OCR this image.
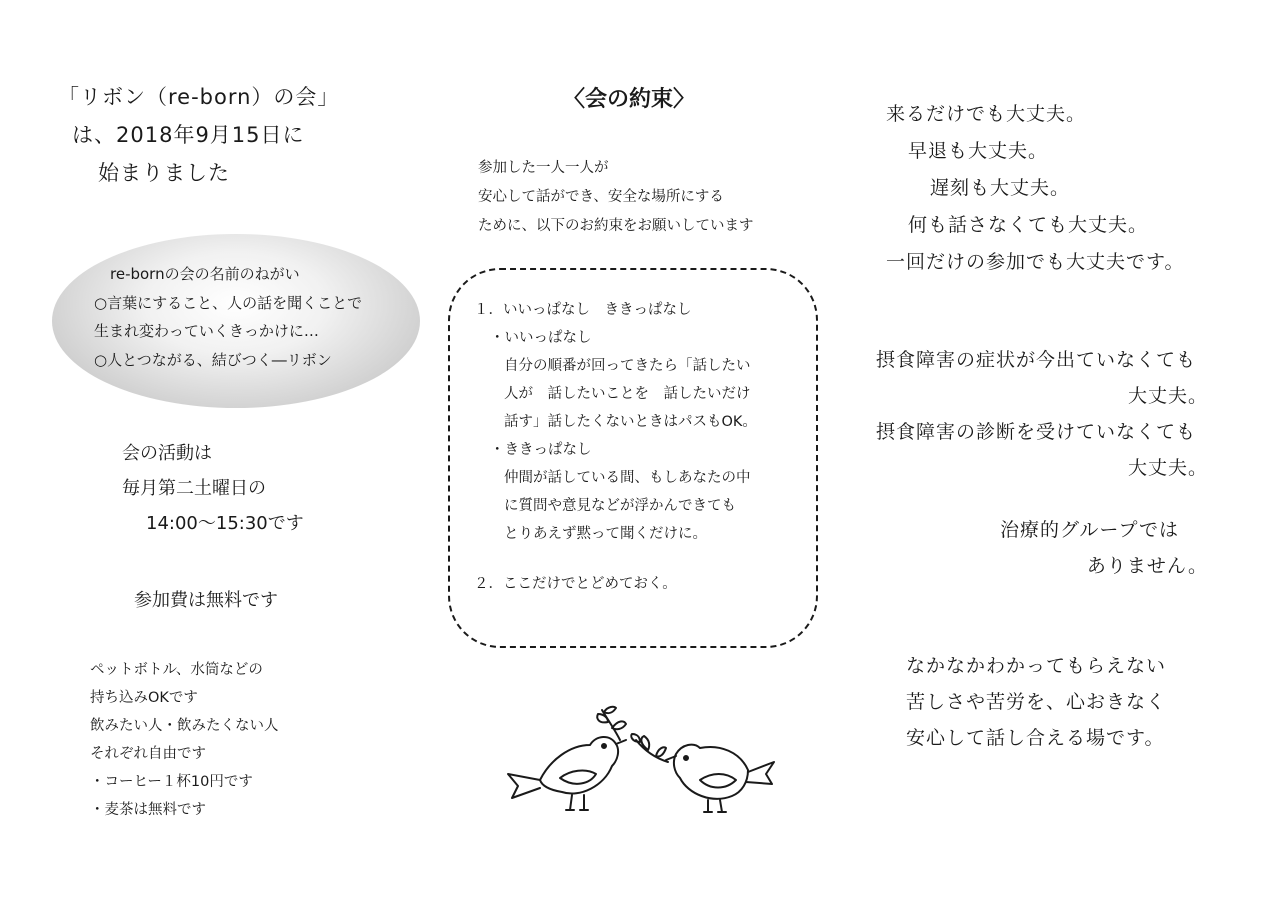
「リボン（re-born）の会」
は、2018年9月15日に
始まりました
re-bornの会の名前のねがい
○言葉にすること、人の話を聞くことで
生まれ変わっていくきっかけに…
○人とつながる、結びつく―リボン
会の活動は
毎月第二土曜日の
14:00～15:30です
参加費は無料です
ペットボトル、水筒などの
持ち込みOKです
飲みたい人・飲みたくない人
それぞれ自由です
・コーヒー１杯10円です
・麦茶は無料です
〈会の約束〉
参加した一人一人が
安心して話ができ、安全な場所にする
ために、以下のお約束をお願いしています
１．いいっぱなし　ききっぱなし
・いいっぱなし
自分の順番が回ってきたら「話したい
人が　話したいことを　話したいだけ
話す」話したくないときはパスもOK。
・ききっぱなし
仲間が話している間、もしあなたの中
に質問や意見などが浮かんできても
とりあえず黙って聞くだけに。
２．ここだけでとどめておく。
来るだけでも大丈夫。
早退も大丈夫。
遅刻も大丈夫。
何も話さなくても大丈夫。
一回だけの参加でも大丈夫です。
摂食障害の症状が今出ていなくても
大丈夫。
摂食障害の診断を受けていなくても
大丈夫。
治療的グループでは
ありません。
なかなかわかってもらえない
苦しさや苦労を、心おきなく
安心して話し合える場です。
